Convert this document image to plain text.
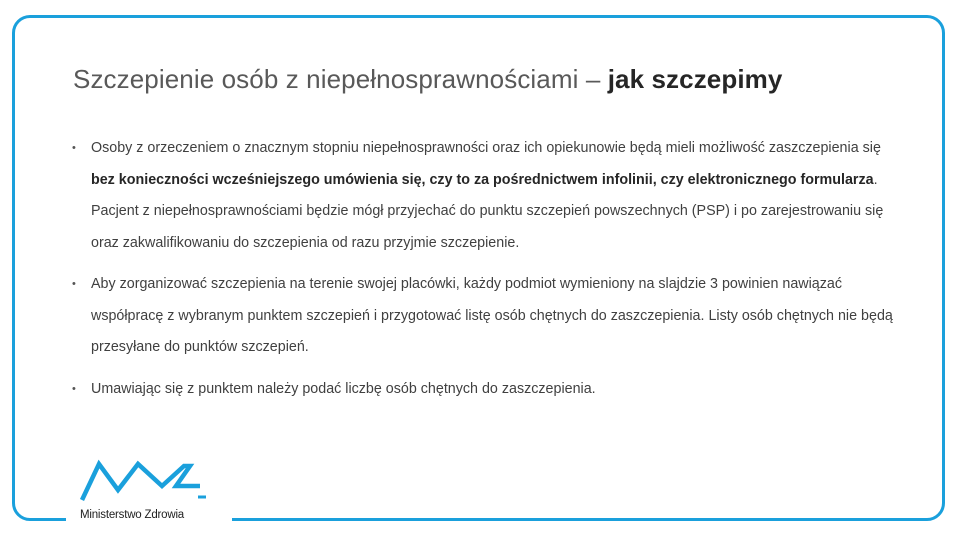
Szczepienie osób z niepełnosprawnościami – jak szczepimy
• Osoby z orzeczeniem o znacznym stopniu niepełnosprawności oraz ich opiekunowie będą mieli możliwość zaszczepienia się bez konieczności wcześniejszego umówienia się, czy to za pośrednictwem infolinii, czy elektronicznego formularza. Pacjent z niepełnosprawnościami będzie mógł przyjechać do punktu szczepień powszechnych (PSP) i po zarejestrowaniu się oraz zakwalifikowaniu do szczepienia od razu przyjmie szczepienie.
• Aby zorganizować szczepienia na terenie swojej placówki, każdy podmiot wymieniony na slajdzie 3 powinien nawiązać współpracę z wybranym punktem szczepień i przygotować listę osób chętnych do zaszczepienia. Listy osób chętnych nie będą przesyłane do punktów szczepień.
• Umawiając się z punktem należy podać liczbę osób chętnych do zaszczepienia.
Ministerstwo Zdrowia
